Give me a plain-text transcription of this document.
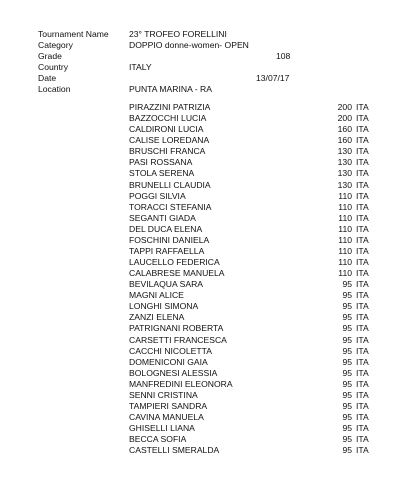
Tournament Name 23° TROFEO FORELLINI
Category	DOPPIO donne-women- OPEN
Grade	108
Country	ITALY
Date	13/07/17
Location	PUNTA MARINA - RA
PIRAZZINI PATRIZIA	200 ITA
BAZZOCCHI LUCIA	200 ITA
CALDIRONI LUCIA	160 ITA
CALISE LOREDANA	160 ITA
BRUSCHI FRANCA	130 ITA
PASI ROSSANA	130 ITA
STOLA SERENA	130 ITA
BRUNELLI CLAUDIA	130 ITA
POGGI SILVIA	110 ITA
TORACCI STEFANIA	110 ITA
SEGANTI GIADA	110 ITA
DEL DUCA ELENA	110 ITA
FOSCHINI DANIELA	110 ITA
TAPPI RAFFAELLA	110 ITA
LAUCELLO FEDERICA	110 ITA
CALABRESE MANUELA	110 ITA
BEVILAQUA SARA	95 ITA
MAGNI ALICE	95 ITA
LONGHI SIMONA	95 ITA
ZANZI ELENA	95 ITA
PATRIGNANI ROBERTA	95 ITA
CARSETTI FRANCESCA	95 ITA
CACCHI NICOLETTA	95 ITA
DOMENICONI GAIA	95 ITA
BOLOGNESI ALESSIA	95 ITA
MANFREDINI ELEONORA	95 ITA
SENNI CRISTINA	95 ITA
TAMPIERI SANDRA	95 ITA
CAVINA MANUELA	95 ITA
GHISELLI LIANA	95 ITA
BECCA SOFIA	95 ITA
CASTELLI SMERALDA	95 ITA
